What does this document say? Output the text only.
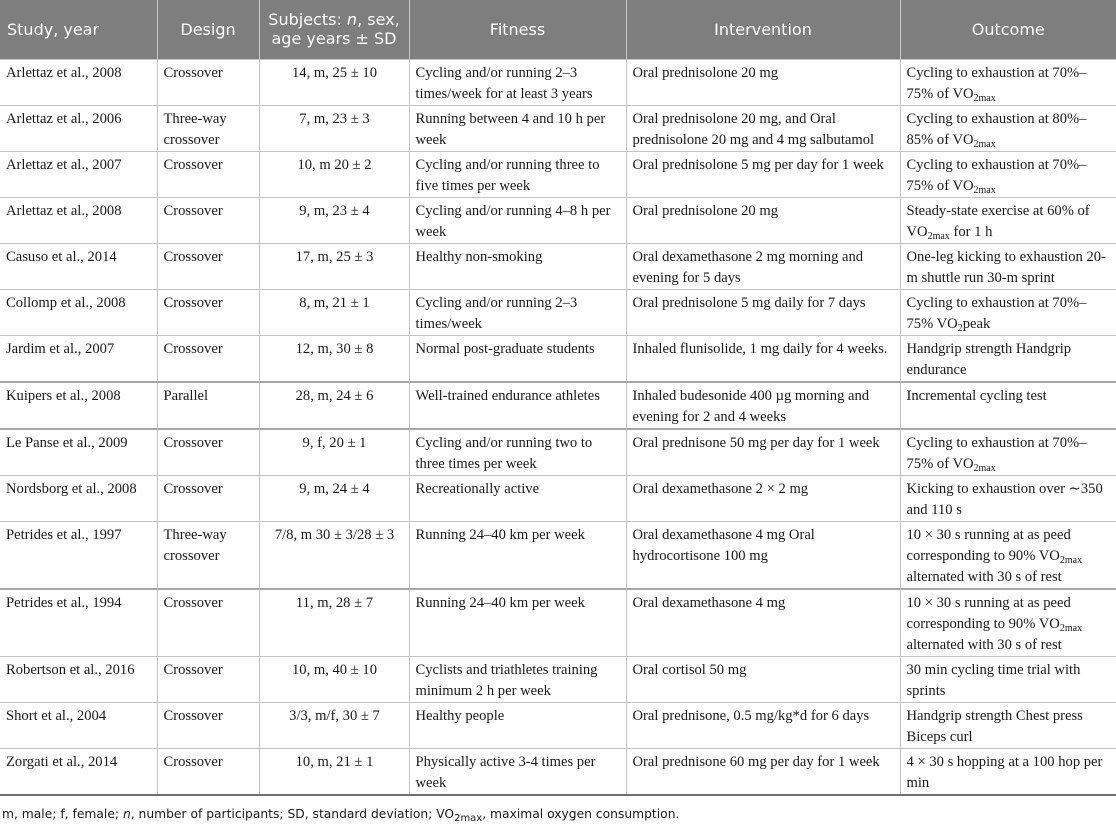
Study, year	Design	Subjects: n, sex, age years ± SD	Fitness	Intervention	Outcome
Arlettaz et al., 2008	Crossover	14, m, 25 ± 10	Cycling and/or running 2–3 times/week for at least 3 years	Oral prednisolone 20 mg	Cycling to exhaustion at 70%–75% of $VO_{2max}$
Arlettaz et al., 2006	Three-way crossover	7, m, 23 ± 3	Running between 4 and 10 h per week	Oral prednisolone 20 mg, and Oral prednisolone 20 mg and 4 mg salbutamol	Cycling to exhaustion at 80%–85% of $VO_{2max}$
Arlettaz et al., 2007	Crossover	10, m 20 ± 2	Cycling and/or running three to five times per week	Oral prednisolone 5 mg per day for 1 week	Cycling to exhaustion at 70%–75% of $VO_{2max}$
Arlettaz et al., 2008	Crossover	9, m, 23 ± 4	Cycling and/or running 4–8 h per week	Oral prednisolone 20 mg	Steady-state exercise at 60% of $VO_{2max}$ for 1 h
Casuso et al., 2014	Crossover	17, m, 25 ± 3	Healthy non-smoking	Oral dexamethasone 2 mg morning and evening for 5 days	One-leg kicking to exhaustion 20-m shuttle run 30-m sprint
Collomp et al., 2008	Crossover	8, m, 21 ± 1	Cycling and/or running 2–3 times/week	Oral prednisolone 5 mg daily for 7 days	Cycling to exhaustion at 70%–75% $VO_2peak$
Jardim et al., 2007	Crossover	12, m, 30 ± 8	Normal post-graduate students	Inhaled flunisolide, 1 mg daily for 4 weeks.	Handgrip strength Handgrip endurance
Kuipers et al., 2008	Parallel	28, m, 24 ± 6	Well-trained endurance athletes	Inhaled budesonide 400 µg morning and evening for 2 and 4 weeks	Incremental cycling test
Le Panse et al., 2009	Crossover	9, f, 20 ± 1	Cycling and/or running two to three times per week	Oral prednisone 50 mg per day for 1 week	Cycling to exhaustion at 70%–75% of $VO_{2max}$
Nordsborg et al., 2008	Crossover	9, m, 24 ± 4	Recreationally active	Oral dexamethasone 2 × 2 mg	Kicking to exhaustion over ∼350 and 110 s
Petrides et al., 1997	Three-way crossover	7/8, m 30 ± 3/28 ± 3	Running 24–40 km per week	Oral dexamethasone 4 mg Oral hydrocortisone 100 mg	10 × 30 s running at as peed corresponding to 90% $VO_{2max}$ alternated with 30 s of rest
Petrides et al., 1994	Crossover	11, m, 28 ± 7	Running 24–40 km per week	Oral dexamethasone 4 mg	10 × 30 s running at as peed corresponding to 90% $VO_{2max}$ alternated with 30 s of rest
Robertson et al., 2016	Crossover	10, m, 40 ± 10	Cyclists and triathletes training minimum 2 h per week	Oral cortisol 50 mg	30 min cycling time trial with sprints
Short et al., 2004	Crossover	3/3, m/f, 30 ± 7	Healthy people	Oral prednisone, 0.5 mg/kg*d for 6 days	Handgrip strength Chest press Biceps curl
Zorgati et al., 2014	Crossover	10, m, 21 ± 1	Physically active 3-4 times per week	Oral prednisone 60 mg per day for 1 week	4 × 30 s hopping at a 100 hop per min
m, male; f, female; n, number of participants; SD, standard deviation; $VO_{2max}$, maximal oxygen consumption.
